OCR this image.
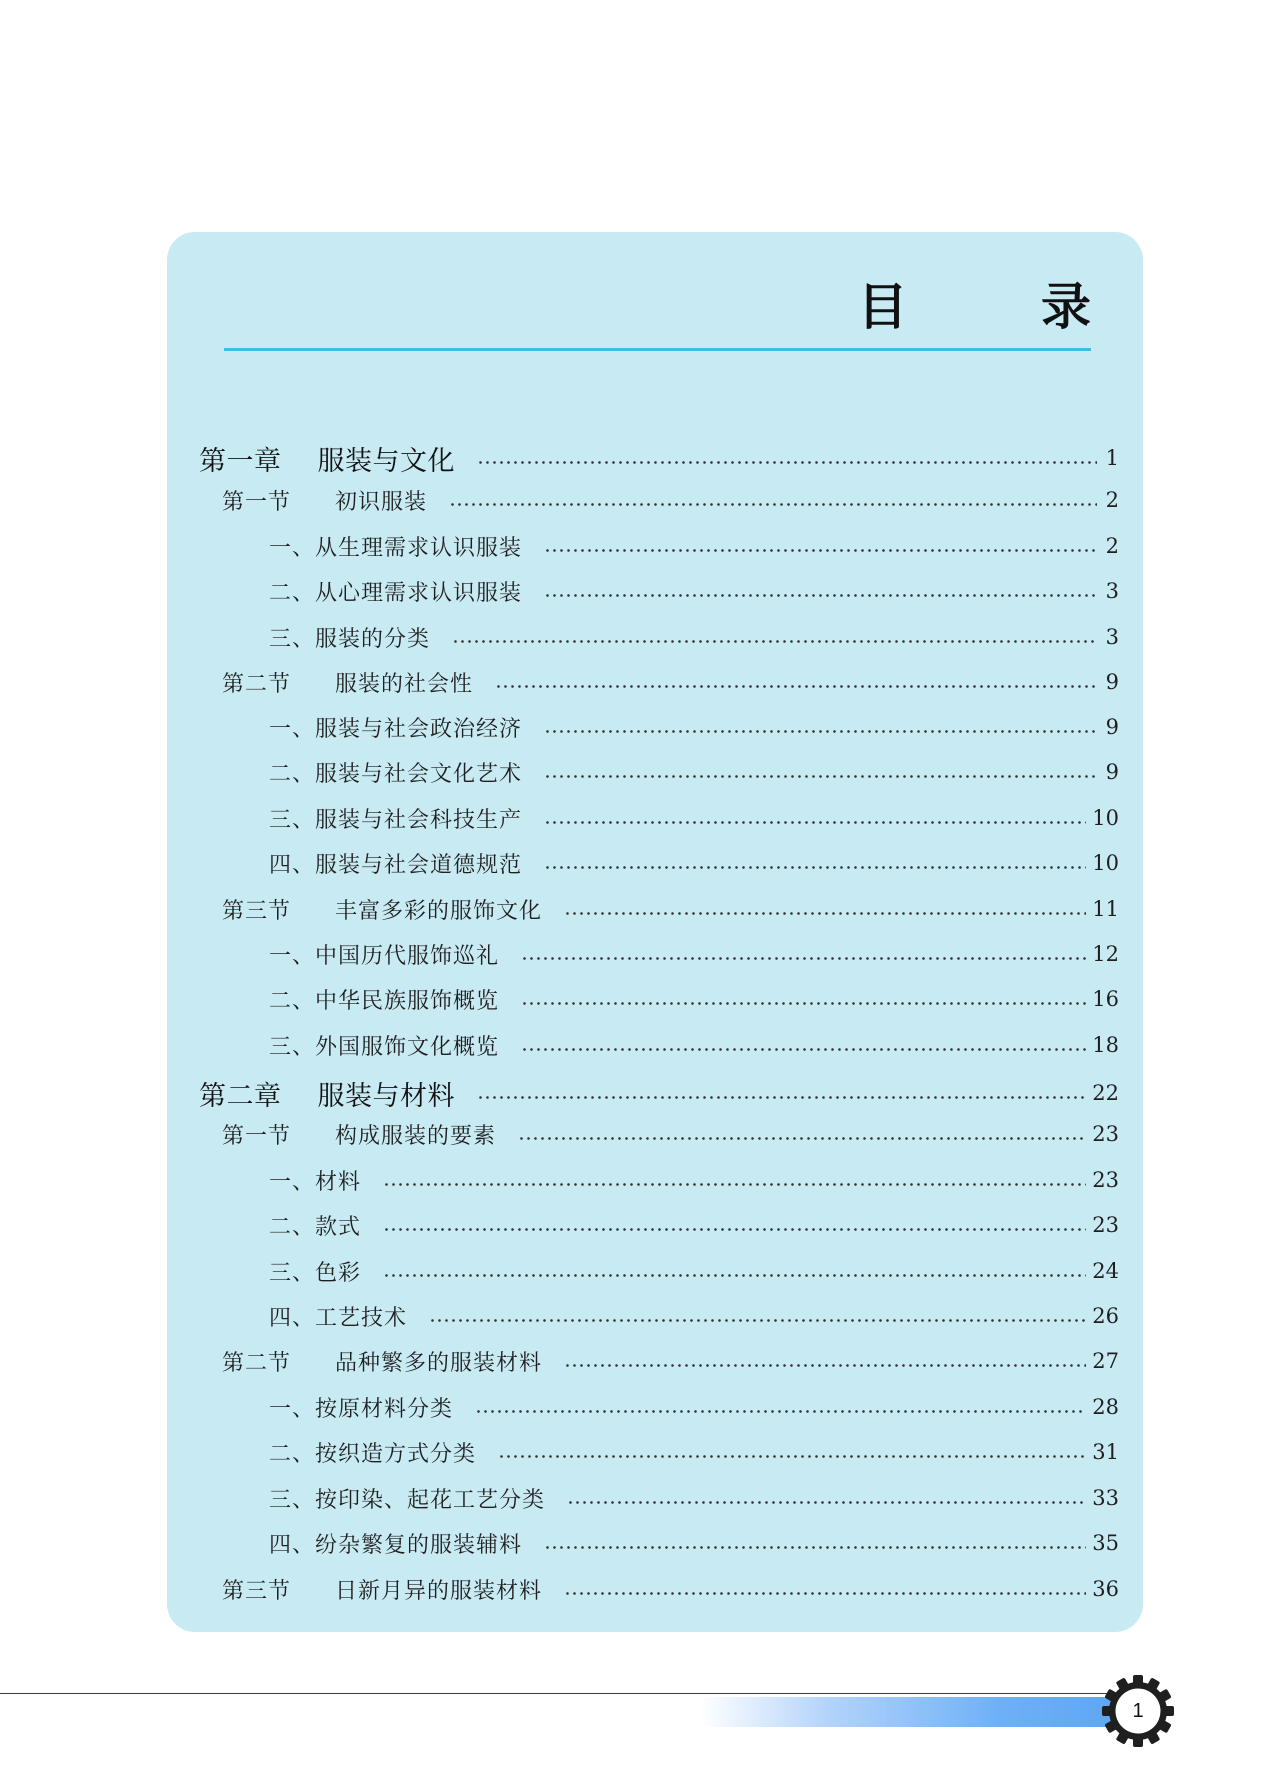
目 录
第一章 服装与文化	1
第一节 初识服装	2
一、从生理需求认识服装	2
二、从心理需求认识服装	3
三、服装的分类	3
第二节 服装的社会性	9
一、服装与社会政治经济	9
二、服装与社会文化艺术	9
三、服装与社会科技生产	10
四、服装与社会道德规范	10
第三节 丰富多彩的服饰文化	11
一、中国历代服饰巡礼	12
二、中华民族服饰概览	16
三、外国服饰文化概览	18
第二章 服装与材料	22
第一节 构成服装的要素	23
一、材料	23
二、款式	23
三、色彩	24
四、工艺技术	26
第二节 品种繁多的服装材料	27
一、按原材料分类	28
二、按织造方式分类	31
三、按印染、起花工艺分类	33
四、纷杂繁复的服装辅料	35
第三节 日新月异的服装材料	36
1
